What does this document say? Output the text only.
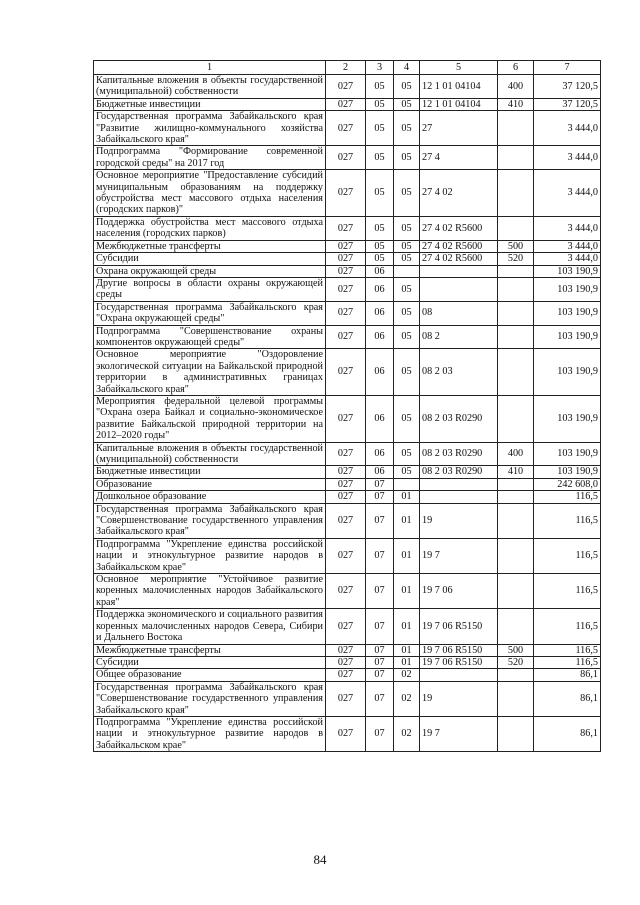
1	2	3	4	5	6	7
Капитальные вложения в объекты государственной (муниципальной) собственности	027	05	05	12 1 01 04104	400	37 120,5
Бюджетные инвестиции	027	05	05	12 1 01 04104	410	37 120,5
Государственная программа Забайкальского края "Развитие жилищно-коммунального хозяйства Забайкальского края"	027	05	05	27		3 444,0
Подпрограмма "Формирование современной городской среды" на 2017 год	027	05	05	27 4		3 444,0
Основное мероприятие "Предоставление субсидий муниципальным образованиям на поддержку обустройства мест массового отдыха населения (городских парков)"	027	05	05	27 4 02		3 444,0
Поддержка обустройства мест массового отдыха населения (городских парков)	027	05	05	27 4 02 R5600		3 444,0
Межбюджетные трансферты	027	05	05	27 4 02 R5600	500	3 444,0
Субсидии	027	05	05	27 4 02 R5600	520	3 444,0
Охрана окружающей среды	027	06				103 190,9
Другие вопросы в области охраны окружающей среды	027	06	05			103 190,9
Государственная программа Забайкальского края "Охрана окружающей среды"	027	06	05	08		103 190,9
Подпрограмма "Совершенствование охраны компонентов окружающей среды"	027	06	05	08 2		103 190,9
Основное мероприятие "Оздоровление экологической ситуации на Байкальской природной территории в административных границах Забайкальского края"	027	06	05	08 2 03		103 190,9
Мероприятия федеральной целевой программы "Охрана озера Байкал и социально-экономическое развитие Байкальской природной территории на 2012–2020 годы"	027	06	05	08 2 03 R0290		103 190,9
Капитальные вложения в объекты государственной (муниципальной) собственности	027	06	05	08 2 03 R0290	400	103 190,9
Бюджетные инвестиции	027	06	05	08 2 03 R0290	410	103 190,9
Образование	027	07				242 608,0
Дошкольное образование	027	07	01			116,5
Государственная программа Забайкальского края "Совершенствование государственного управления Забайкальского края"	027	07	01	19		116,5
Подпрограмма "Укрепление единства российской нации и этнокультурное развитие народов в Забайкальском крае"	027	07	01	19 7		116,5
Основное мероприятие "Устойчивое развитие коренных малочисленных народов Забайкальского края"	027	07	01	19 7 06		116,5
Поддержка экономического и социального развития коренных малочисленных народов Севера, Сибири и Дальнего Востока	027	07	01	19 7 06 R5150		116,5
Межбюджетные трансферты	027	07	01	19 7 06 R5150	500	116,5
Субсидии	027	07	01	19 7 06 R5150	520	116,5
Общее образование	027	07	02			86,1
Государственная программа Забайкальского края "Совершенствование государственного управления Забайкальского края"	027	07	02	19		86,1
Подпрограмма "Укрепление единства российской нации и этнокультурное развитие народов в Забайкальском крае"	027	07	02	19 7		86,1
84
